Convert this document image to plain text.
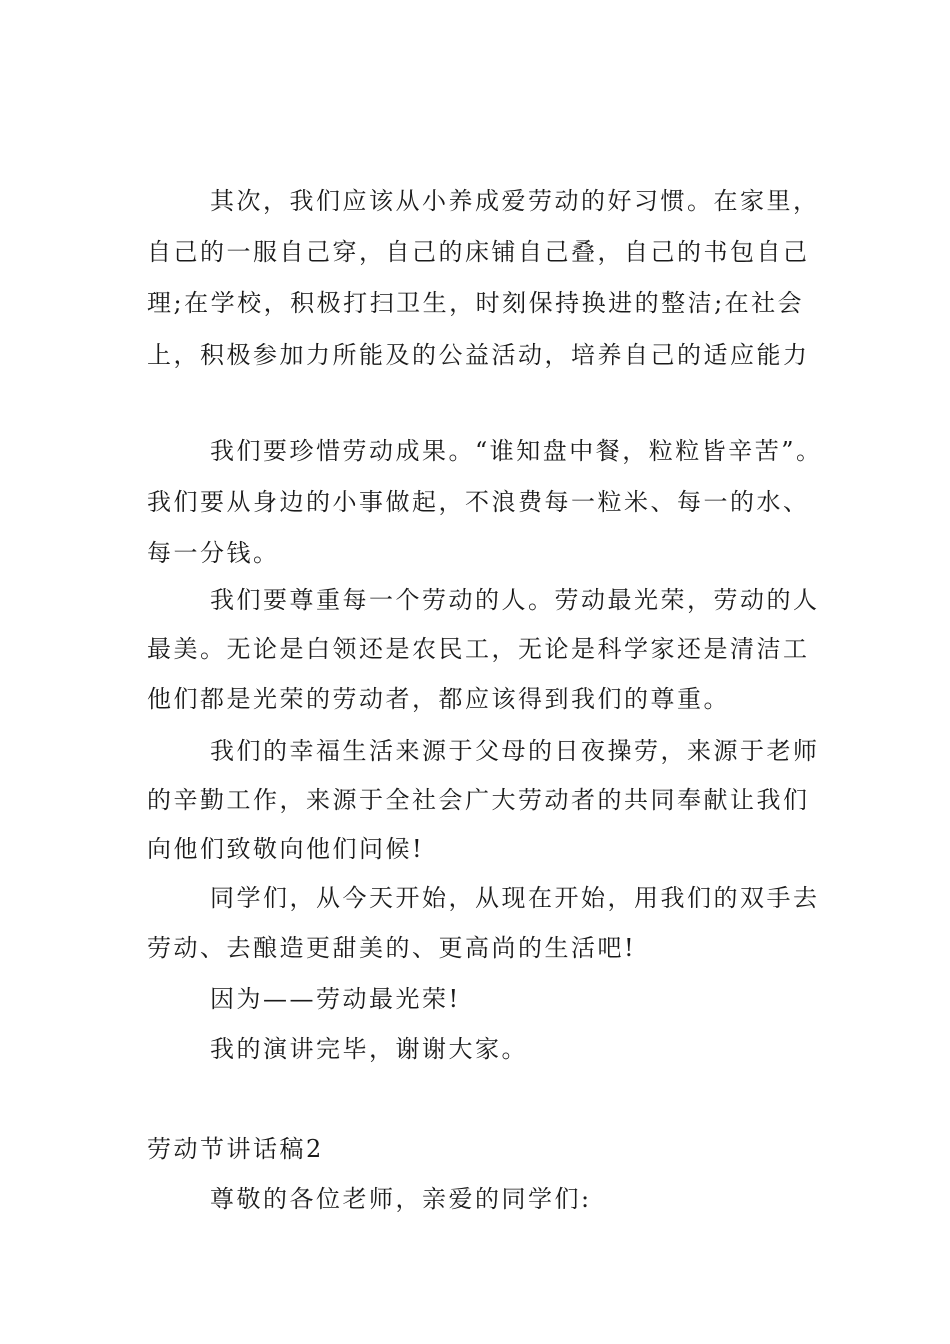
其次，我们应该从小养成爱劳动的好习惯。在家里，
自己的一服自己穿，自己的床铺自己叠，自己的书包自己
理;在学校，积极打扫卫生，时刻保持换进的整洁;在社会
上，积极参加力所能及的公益活动，培养自己的适应能力
我们要珍惜劳动成果。“谁知盘中餐，粒粒皆辛苦”。
我们要从身边的小事做起，不浪费每一粒米、每一的水、
每一分钱。
我们要尊重每一个劳动的人。劳动最光荣，劳动的人
最美。无论是白领还是农民工，无论是科学家还是清洁工
他们都是光荣的劳动者，都应该得到我们的尊重。
我们的幸福生活来源于父母的日夜操劳，来源于老师
的辛勤工作，来源于全社会广大劳动者的共同奉献让我们
向他们致敬向他们问候!
同学们，从今天开始，从现在开始，用我们的双手去
劳动、去酿造更甜美的、更高尚的生活吧!
因为——劳动最光荣!
我的演讲完毕，谢谢大家。
劳动节讲话稿2
尊敬的各位老师，亲爱的同学们:
